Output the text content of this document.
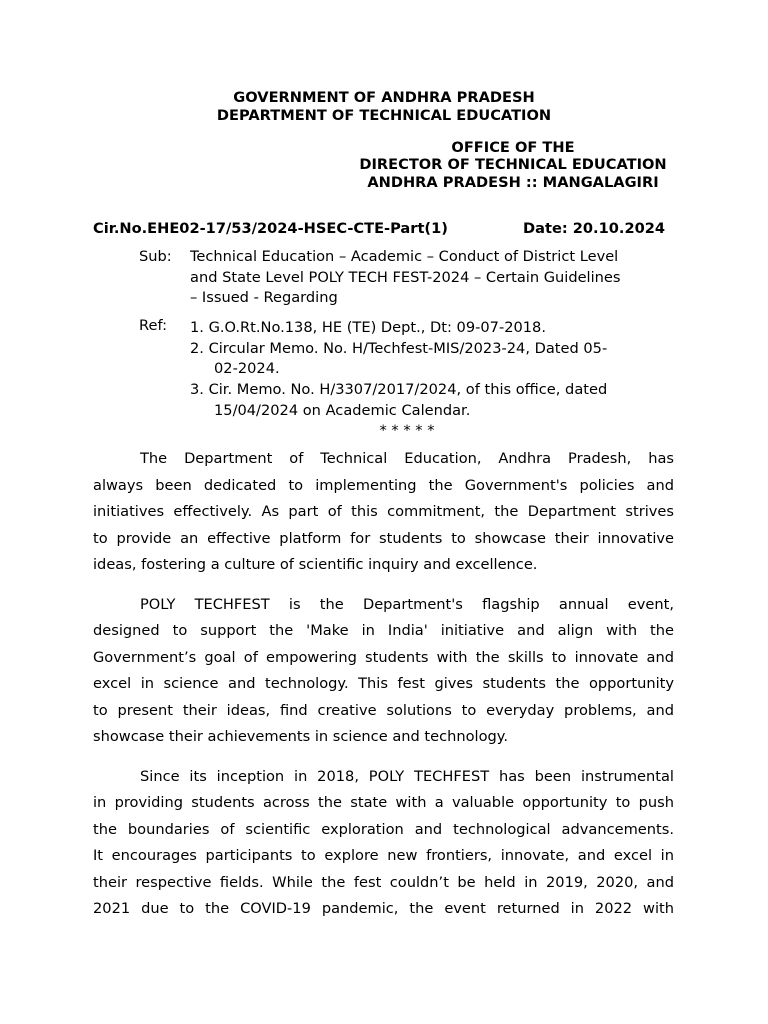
GOVERNMENT OF ANDHRA PRADESH
DEPARTMENT OF TECHNICAL EDUCATION
OFFICE OF THE
DIRECTOR OF TECHNICAL EDUCATION
ANDHRA PRADESH :: MANGALAGIRI
Cir.No.EHE02-17/53/2024-HSEC-CTE-Part(1)	Date: 20.10.2024
Sub: Technical Education – Academic – Conduct of District Level
and State Level POLY TECH FEST-2024 – Certain Guidelines
– Issued - Regarding
Ref: 1. G.O.Rt.No.138, HE (TE) Dept., Dt: 09-07-2018.
2. Circular Memo. No. H/Techfest-MIS/2023-24, Dated 05-
02-2024.
3. Cir. Memo. No. H/3307/2017/2024, of this office, dated
15/04/2024 on Academic Calendar.
* * * * *
The Department of Technical Education, Andhra Pradesh, has
always been dedicated to implementing the Government's policies and
initiatives effectively. As part of this commitment, the Department strives
to provide an effective platform for students to showcase their innovative
ideas, fostering a culture of scientific inquiry and excellence.
POLY TECHFEST is the Department's flagship annual event,
designed to support the 'Make in India' initiative and align with the
Government’s goal of empowering students with the skills to innovate and
excel in science and technology. This fest gives students the opportunity
to present their ideas, find creative solutions to everyday problems, and
showcase their achievements in science and technology.
Since its inception in 2018, POLY TECHFEST has been instrumental
in providing students across the state with a valuable opportunity to push
the boundaries of scientific exploration and technological advancements.
It encourages participants to explore new frontiers, innovate, and excel in
their respective fields. While the fest couldn’t be held in 2019, 2020, and
2021 due to the COVID-19 pandemic, the event returned in 2022 with
